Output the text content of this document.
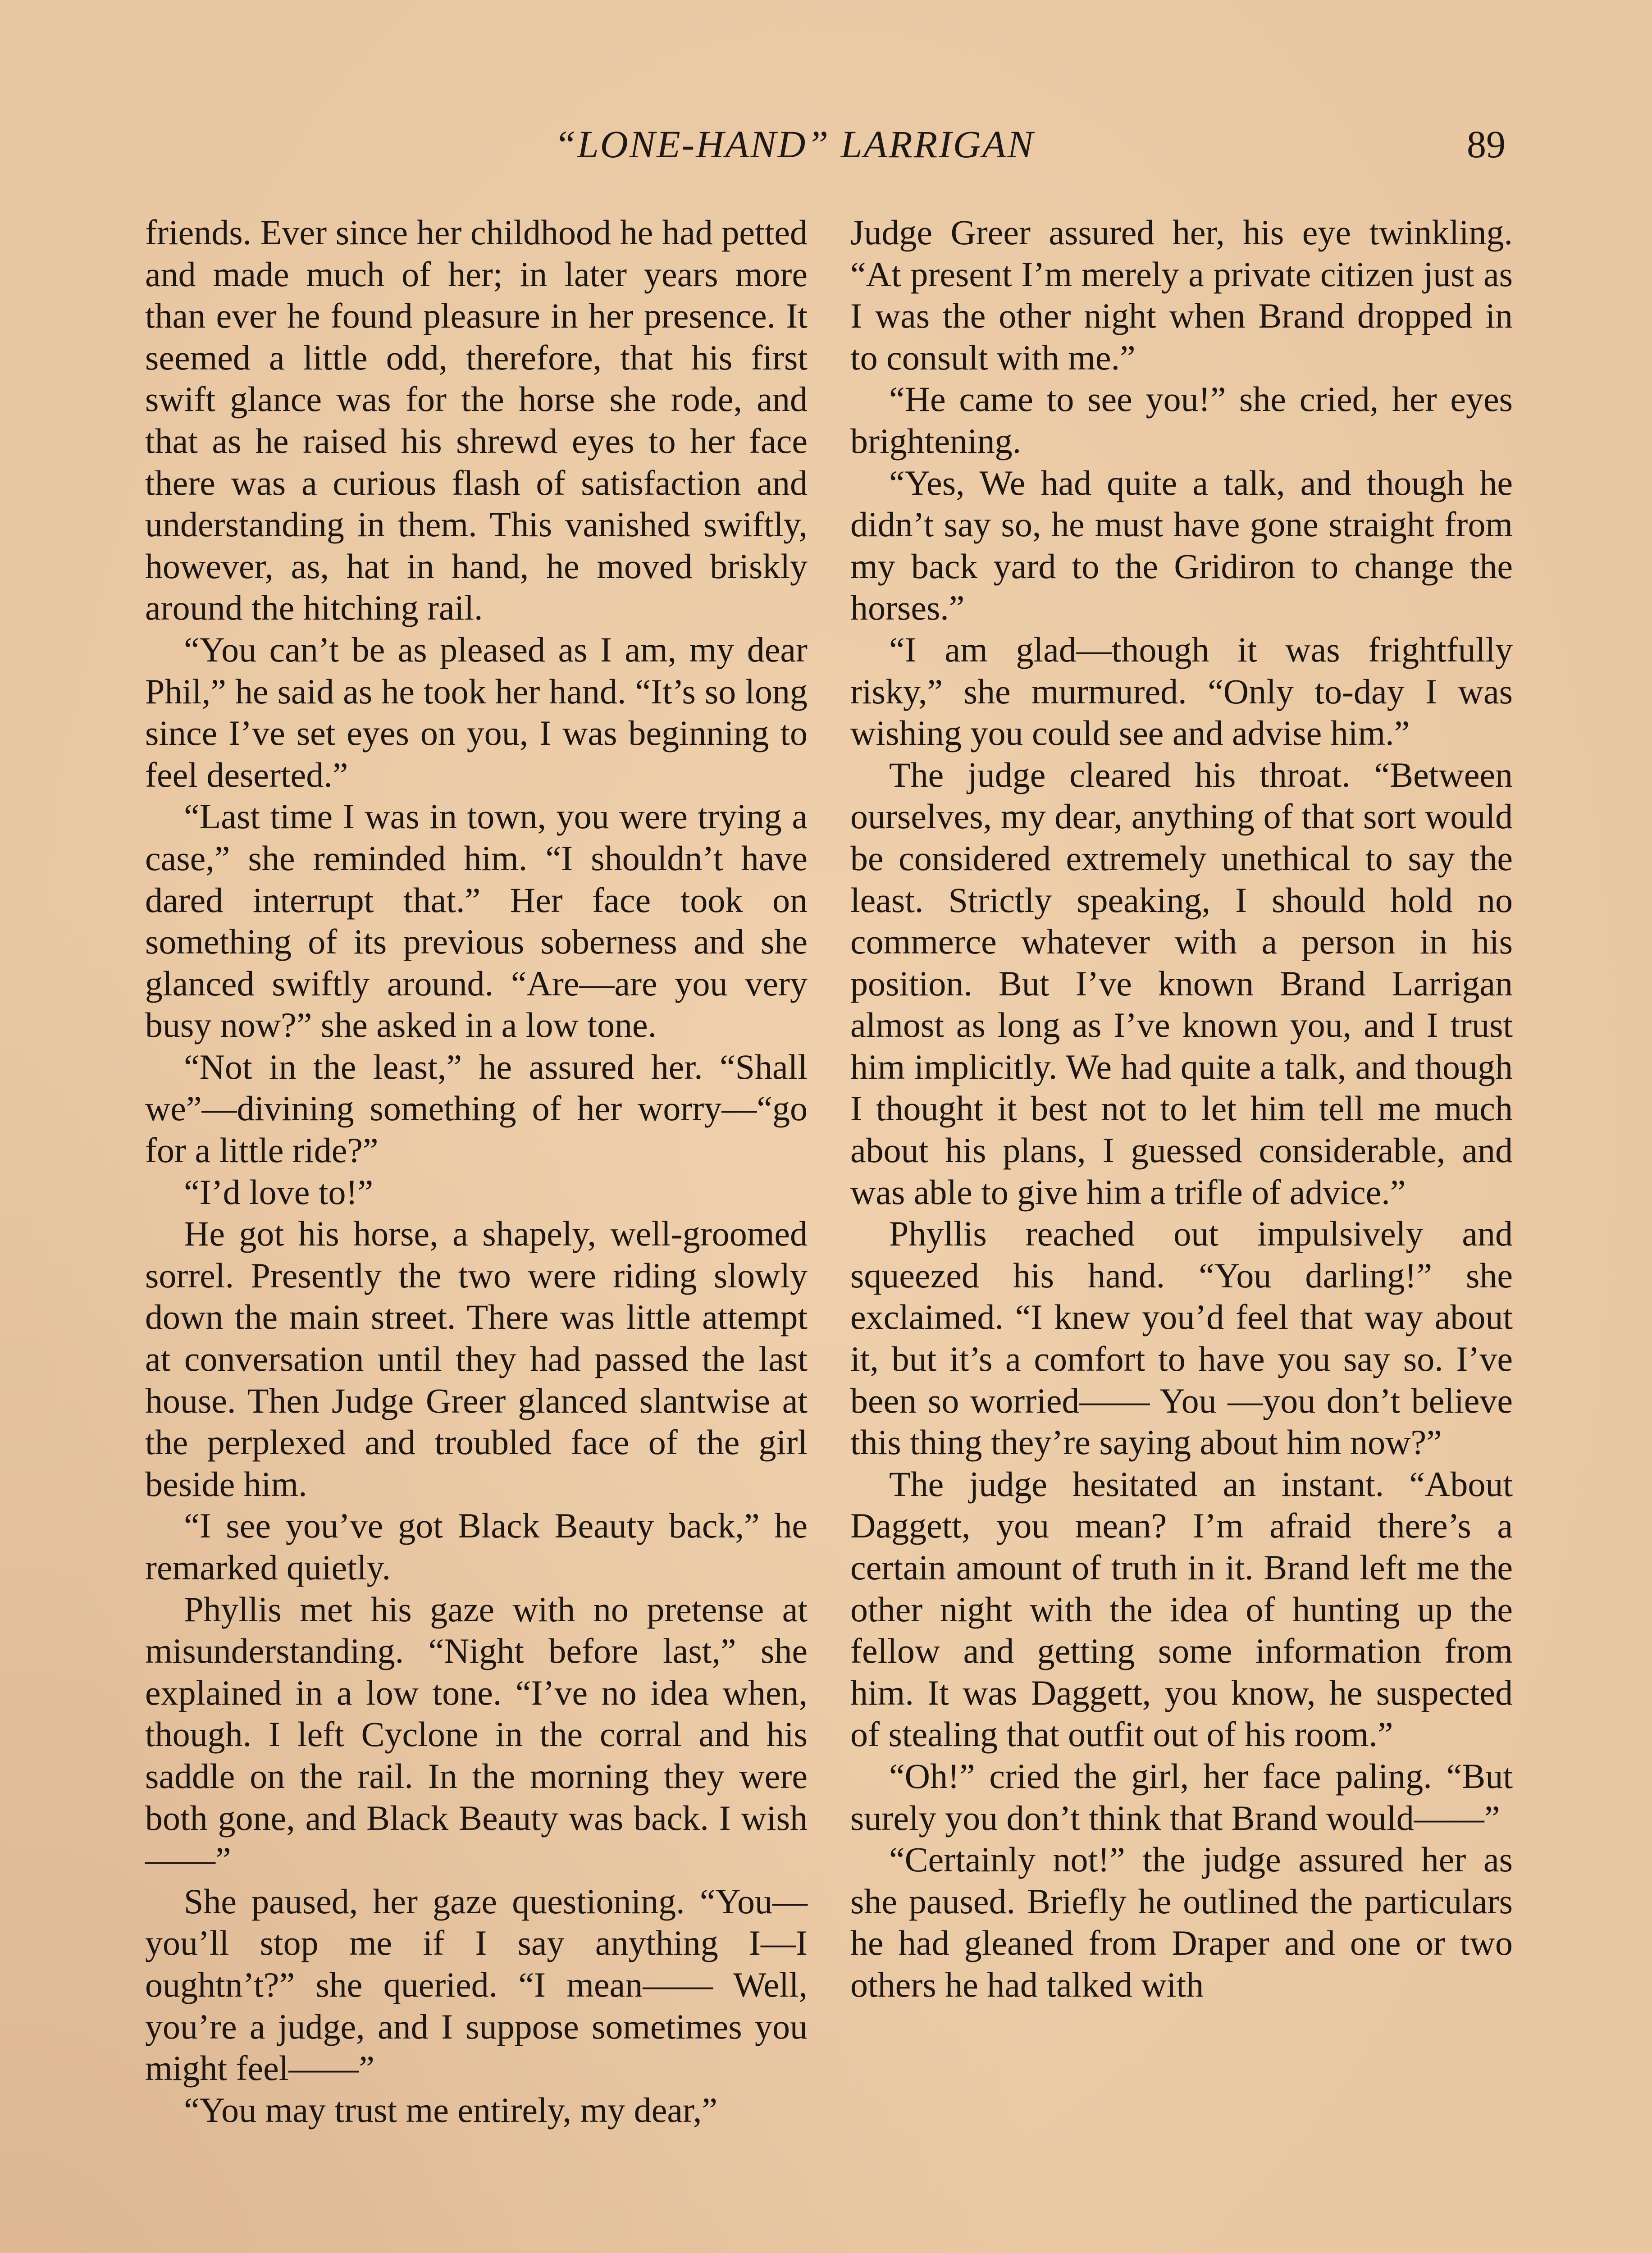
“LONE-HAND” LARRIGAN	89

friends. Ever since her childhood he had petted and made much of her; in later years more than ever he found pleasure in her presence. It seemed a little odd, therefore, that his first swift glance was for the horse she rode, and that as he raised his shrewd eyes to her face there was a curious flash of satisfaction and understanding in them. This vanished swiftly, however, as, hat in hand, he moved briskly around the hitching rail.

“You can’t be as pleased as I am, my dear Phil,” he said as he took her hand. “It’s so long since I’ve set eyes on you, I was beginning to feel deserted.”

“Last time I was in town, you were trying a case,” she reminded him. “I shouldn’t have dared interrupt that.” Her face took on something of its previous soberness and she glanced swiftly around. “Are—are you very busy now?” she asked in a low tone.

“Not in the least,” he assured her. “Shall we”—divining something of her worry—“go for a little ride?”

“I’d love to!”

He got his horse, a shapely, well-groomed sorrel. Presently the two were riding slowly down the main street. There was little attempt at conversation until they had passed the last house. Then Judge Greer glanced slantwise at the perplexed and troubled face of the girl beside him.

“I see you’ve got Black Beauty back,” he remarked quietly.

Phyllis met his gaze with no pretense at misunderstanding. “Night before last,” she explained in a low tone. “I’ve no idea when, though. I left Cyclone in the corral and his saddle on the rail. In the morning they were both gone, and Black Beauty was back. I wish——”

She paused, her gaze questioning. “You—you’ll stop me if I say anything I—I oughtn’t?” she queried. “I mean—— Well, you’re a judge, and I suppose sometimes you might feel——”

“You may trust me entirely, my dear,”

Judge Greer assured her, his eye twinkling. “At present I’m merely a private citizen just as I was the other night when Brand dropped in to consult with me.”

“He came to see you!” she cried, her eyes brightening.

“Yes, We had quite a talk, and though he didn’t say so, he must have gone straight from my back yard to the Gridiron to change the horses.”

“I am glad—though it was frightfully risky,” she murmured. “Only to-day I was wishing you could see and advise him.”

The judge cleared his throat. “Between ourselves, my dear, anything of that sort would be considered extremely unethical to say the least. Strictly speaking, I should hold no commerce whatever with a person in his position. But I’ve known Brand Larrigan almost as long as I’ve known you, and I trust him implicitly. We had quite a talk, and though I thought it best not to let him tell me much about his plans, I guessed considerable, and was able to give him a trifle of advice.”

Phyllis reached out impulsively and squeezed his hand. “You darling!” she exclaimed. “I knew you’d feel that way about it, but it’s a comfort to have you say so. I’ve been so worried—— You —you don’t believe this thing they’re saying about him now?”

The judge hesitated an instant. “About Daggett, you mean? I’m afraid there’s a certain amount of truth in it. Brand left me the other night with the idea of hunting up the fellow and getting some information from him. It was Daggett, you know, he suspected of stealing that outfit out of his room.”

“Oh!” cried the girl, her face paling. “But surely you don’t think that Brand would——”

“Certainly not!” the judge assured her as she paused. Briefly he outlined the particulars he had gleaned from Draper and one or two others he had talked with
